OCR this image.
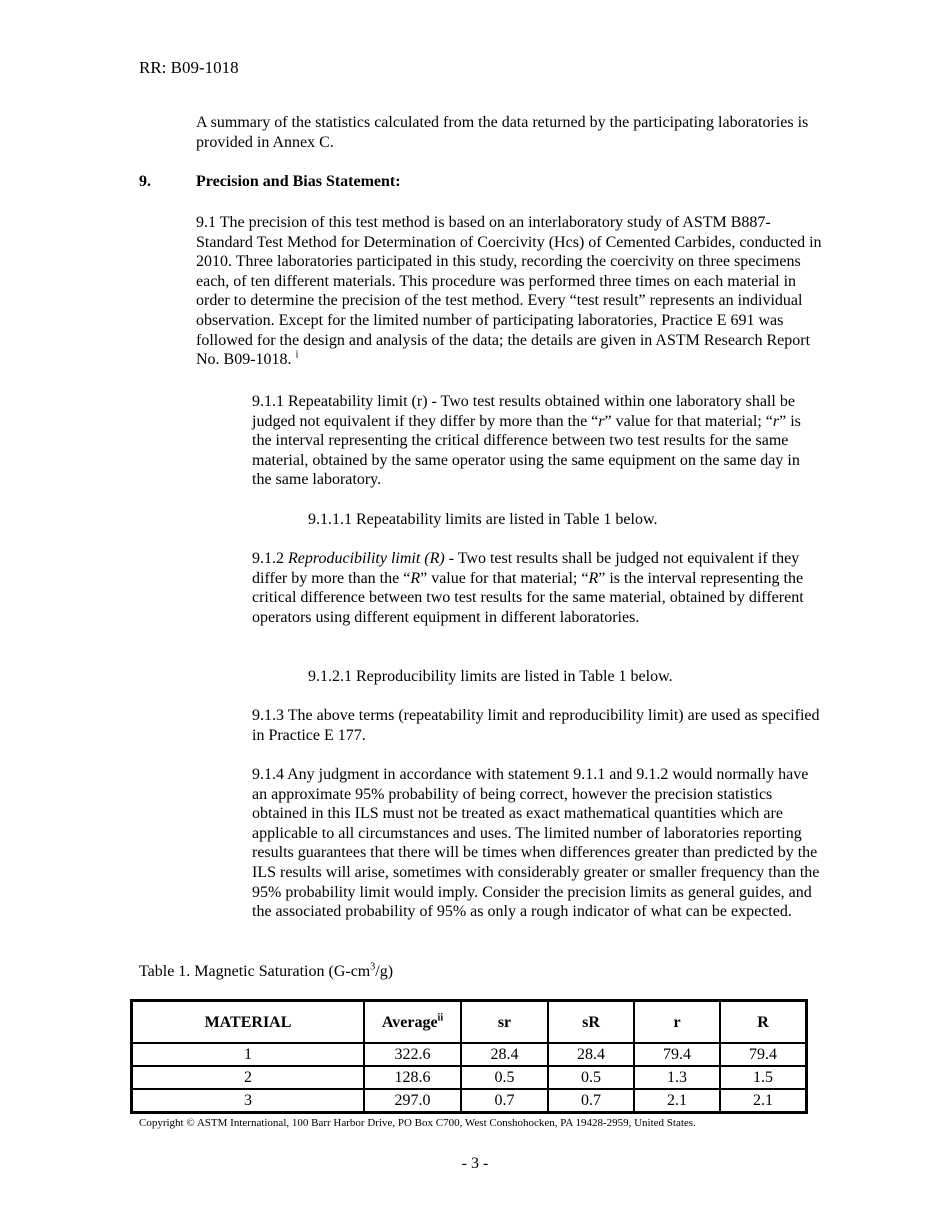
RR: B09-1018

A summary of the statistics calculated from the data returned by the participating laboratories is provided in Annex C.

9.	Precision and Bias Statement:

9.1 The precision of this test method is based on an interlaboratory study of ASTM B887- Standard Test Method for Determination of Coercivity (Hcs) of Cemented Carbides, conducted in 2010. Three laboratories participated in this study, recording the coercivity on three specimens each, of ten different materials. This procedure was performed three times on each material in order to determine the precision of the test method. Every “test result” represents an individual observation. Except for the limited number of participating laboratories, Practice E 691 was followed for the design and analysis of the data; the details are given in ASTM Research Report No. B09-1018. $^i$

9.1.1 Repeatability limit (r) - Two test results obtained within one laboratory shall be judged not equivalent if they differ by more than the “r” value for that material; “r” is the interval representing the critical difference between two test results for the same material, obtained by the same operator using the same equipment on the same day in the same laboratory.

9.1.1.1 Repeatability limits are listed in Table 1 below.

9.1.2 Reproducibility limit (R) - Two test results shall be judged not equivalent if they differ by more than the “R” value for that material; “R” is the interval representing the critical difference between two test results for the same material, obtained by different operators using different equipment in different laboratories.

9.1.2.1 Reproducibility limits are listed in Table 1 below.

9.1.3 The above terms (repeatability limit and reproducibility limit) are used as specified in Practice E 177.

9.1.4 Any judgment in accordance with statement 9.1.1 and 9.1.2 would normally have an approximate 95% probability of being correct, however the precision statistics obtained in this ILS must not be treated as exact mathematical quantities which are applicable to all circumstances and uses. The limited number of laboratories reporting results guarantees that there will be times when differences greater than predicted by the ILS results will arise, sometimes with considerably greater or smaller frequency than the 95% probability limit would imply. Consider the precision limits as general guides, and the associated probability of 95% as only a rough indicator of what can be expected.

Table 1. Magnetic Saturation $(G-cm^3/g)$
MATERIAL	Average$^{ii}$	sr	sR	r	R
1	322.6	28.4	28.4	79.4	79.4
2	128.6	0.5	0.5	1.3	1.5
3	297.0	0.7	0.7	2.1	2.1
Copyright © ASTM International, 100 Barr Harbor Drive, PO Box C700, West Conshohocken, PA 19428-2959, United States.
- 3 -
